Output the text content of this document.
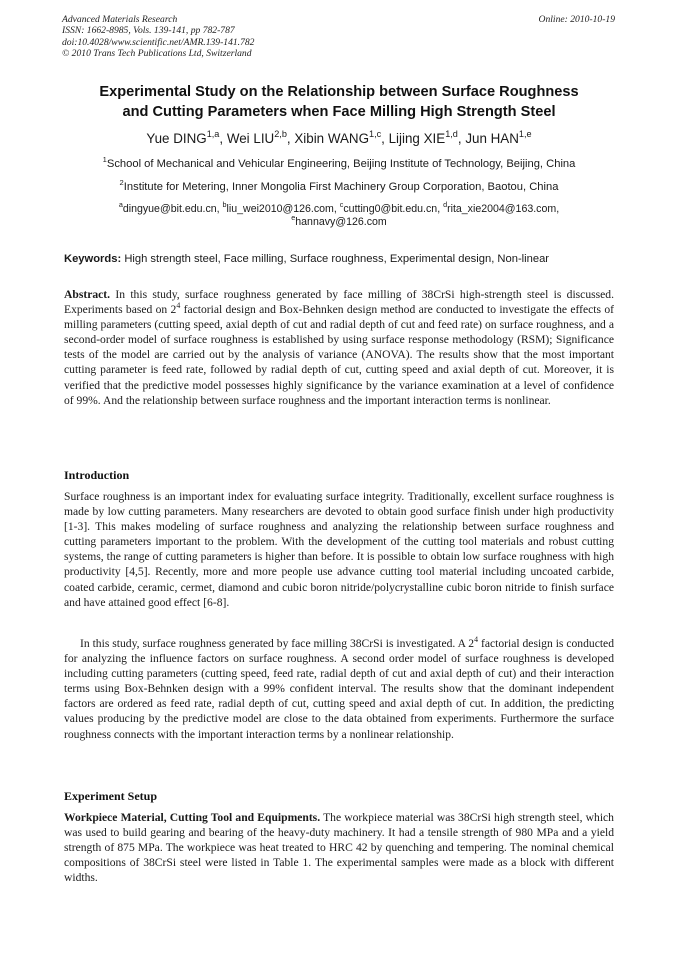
Advanced Materials Research
ISSN: 1662-8985, Vols. 139-141, pp 782-787
doi:10.4028/www.scientific.net/AMR.139-141.782
© 2010 Trans Tech Publications Ltd, Switzerland
Online: 2010-10-19
Experimental Study on the Relationship between Surface Roughness
and Cutting Parameters when Face Milling High Strength Steel
Yue DING$^{1,a}$, Wei LIU$^{2,b}$, Xibin WANG$^{1,c}$, Lijing XIE$^{1,d}$, Jun HAN$^{1,e}$
$^1$School of Mechanical and Vehicular Engineering, Beijing Institute of Technology, Beijing, China
$^2$Institute for Metering, Inner Mongolia First Machinery Group Corporation, Baotou, China
$^a$dingyue@bit.edu.cn, $^b$liu_wei2010@126.com, $^c$cutting0@bit.edu.cn, $^d$rita_xie2004@163.com,
$^e$hannavy@126.com
Keywords: High strength steel, Face milling, Surface roughness, Experimental design, Non-linear
Abstract. In this study, surface roughness generated by face milling of 38CrSi high-strength steel is discussed. Experiments based on $2^4$ factorial design and Box-Behnken design method are conducted to investigate the effects of milling parameters (cutting speed, axial depth of cut and radial depth of cut and feed rate) on surface roughness, and a second-order model of surface roughness is established by using surface response methodology (RSM); Significance tests of the model are carried out by the analysis of variance (ANOVA). The results show that the most important cutting parameter is feed rate, followed by radial depth of cut, cutting speed and axial depth of cut. Moreover, it is verified that the predictive model possesses highly significance by the variance examination at a level of confidence of 99%. And the relationship between surface roughness and the important interaction terms is nonlinear.
Introduction
Surface roughness is an important index for evaluating surface integrity. Traditionally, excellent surface roughness is made by low cutting parameters. Many researchers are devoted to obtain good surface finish under high productivity [1-3]. This makes modeling of surface roughness and analyzing the relationship between surface roughness and cutting parameters important to the problem. With the development of the cutting tool materials and robust cutting systems, the range of cutting parameters is higher than before. It is possible to obtain low surface roughness with high productivity [4,5]. Recently, more and more people use advance cutting tool material including uncoated carbide, coated carbide, ceramic, cermet, diamond and cubic boron nitride/polycrystalline cubic boron nitride to finish surface and have attained good effect [6-8].
In this study, surface roughness generated by face milling 38CrSi is investigated. A $2^4$ factorial design is conducted for analyzing the influence factors on surface roughness. A second order model of surface roughness is developed including cutting parameters (cutting speed, feed rate, radial depth of cut and axial depth of cut) and their interaction terms using Box-Behnken design with a 99% confident interval. The results show that the dominant independent factors are ordered as feed rate, radial depth of cut, cutting speed and axial depth of cut. In addition, the predicting values producing by the predictive model are close to the data obtained from experiments. Furthermore the surface roughness connects with the important interaction terms by a nonlinear relationship.
Experiment Setup
Workpiece Material, Cutting Tool and Equipments. The workpiece material was 38CrSi high strength steel, which was used to build gearing and bearing of the heavy-duty machinery. It had a tensile strength of 980 MPa and a yield strength of 875 MPa. The workpiece was heat treated to HRC 42 by quenching and tempering. The nominal chemical compositions of 38CrSi steel were listed in Table 1. The experimental samples were made as a block with different widths.
